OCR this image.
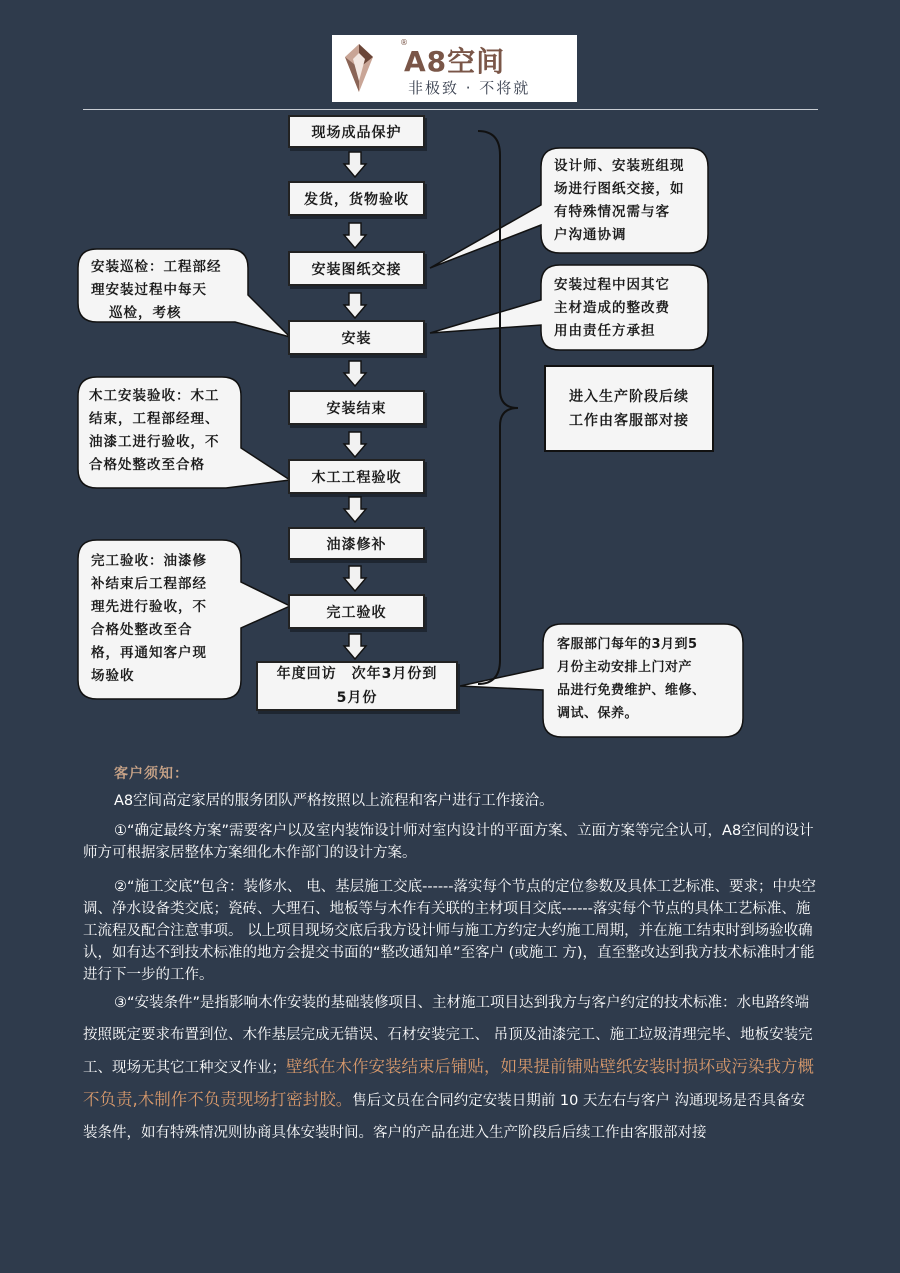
®
A8空间
非极致 · 不将就
现场成品保护
发货，货物验收
安装图纸交接
安装
安装结束
木工工程验收
油漆修补
完工验收
年度回访　次年3月份到
5月份
安装巡检：工程部经
理安装过程中每天
巡检，考核
木工安装验收：木工
结束，工程部经理、
油漆工进行验收，不
合格处整改至合格
完工验收：油漆修
补结束后工程部经
理先进行验收，不
合格处整改至合
格，再通知客户现
场验收
设计师、安装班组现
场进行图纸交接，如
有特殊情况需与客
户沟通协调
安装过程中因其它
主材造成的整改费
用由责任方承担
进入生产阶段后续
工作由客服部对接
客服部门每年的3月到5
月份主动安排上门对产
品进行免费维护、维修、
调试、保养。
客户须知：
A8空间高定家居的服务团队严格按照以上流程和客户进行工作接洽。
①“确定最终方案”需要客户以及室内装饰设计师对室内设计的平面方案、立面方案等完全认可，A8空间的设计师方可根据家居整体方案细化木作部门的设计方案。
②“施工交底”包含：装修水、 电、基层施工交底------落实每个节点的定位参数及具体工艺标准、要求；中央空调、净水设备类交底；瓷砖、大理石、地板等与木作有关联的主材项目交底------落实每个节点的具体工艺标准、施工流程及配合注意事项。 以上项目现场交底后我方设计师与施工方约定大约施工周期，并在施工结束时到场验收确认，如有达不到技术标准的地方会提交书面的“整改通知单”至客户 (或施工 方)，直至整改达到我方技术标准时才能进行下一步的工作。
③“安装条件”是指影响木作安装的基础装修项目、主材施工项目达到我方与客户约定的技术标准：水电路终端按照既定要求布置到位、木作基层完成无错误、石材安装完工、 吊顶及油漆完工、施工垃圾清理完毕、地板安装完工、现场无其它工种交叉作业；壁纸在木作安装结束后铺贴，如果提前铺贴壁纸安装时损坏或污染我方概不负责,木制作不负责现场打密封胶。售后文员在合同约定安装日期前 10 天左右与客户 沟通现场是否具备安装条件，如有特殊情况则协商具体安装时间。客户的产品在进入生产阶段后后续工作由客服部对接
